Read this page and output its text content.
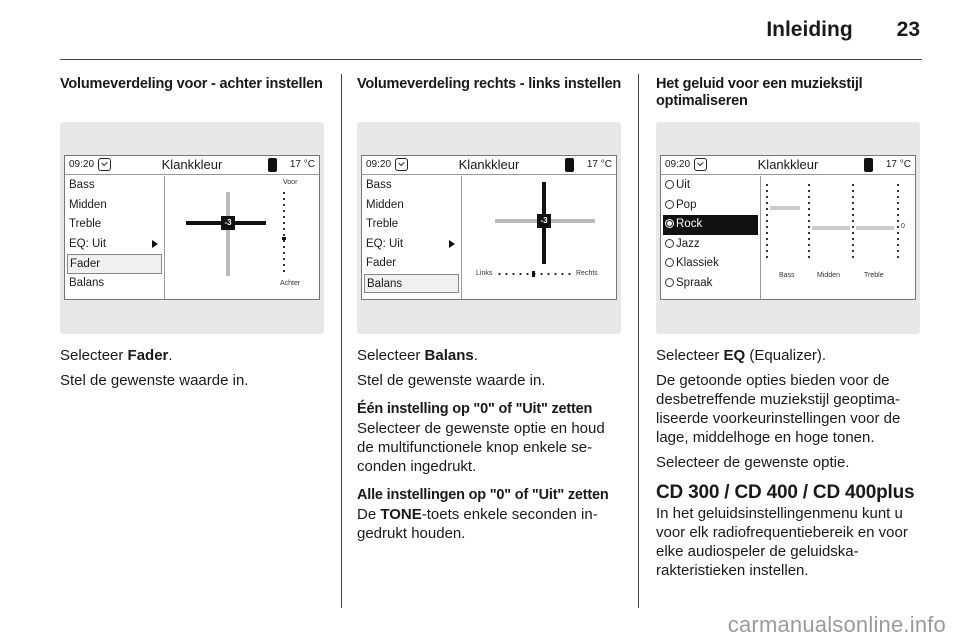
Inleiding 23
Volumeverdeling voor - achter instellen
09:20	Klankkleur	17 °C
Bass
Midden
Treble
EQ: Uit
Fader
Balans
-3
Voor
Achter

Selecteer Fader.

Stel de gewenste waarde in.

Volumeverdeling rechts - links instellen
09:20	Klankkleur	17 °C
Bass
Midden
Treble
EQ: Uit
Fader
Balans
-3
Links	Rechts

Selecteer Balans.

Stel de gewenste waarde in.

Één instelling op "0" of "Uit" zetten

Selecteer de gewenste optie en houd de multifunctionele knop enkele se- conden ingedrukt.

Alle instellingen op "0" of "Uit" zetten

De TONE-toets enkele seconden in- gedrukt houden.

Het geluid voor een muziekstijl optimaliseren
09:20	Klankkleur	17 °C
Uit
Pop
Rock
Jazz
Klassiek
Spraak
0
Bass	Midden	Treble

Selecteer EQ (Equalizer).

De getoonde opties bieden voor de desbetreffende muziekstijl geoptima- liseerde voorkeurinstellingen voor de lage, middelhoge en hoge tonen.

Selecteer de gewenste optie.

CD 300 / CD 400 / CD 400plus

In het geluidsinstellingenmenu kunt u voor elk radiofrequentiebereik en voor elke audiospeler de geluidska- rakteristieken instellen.

carmanualsonline.info
